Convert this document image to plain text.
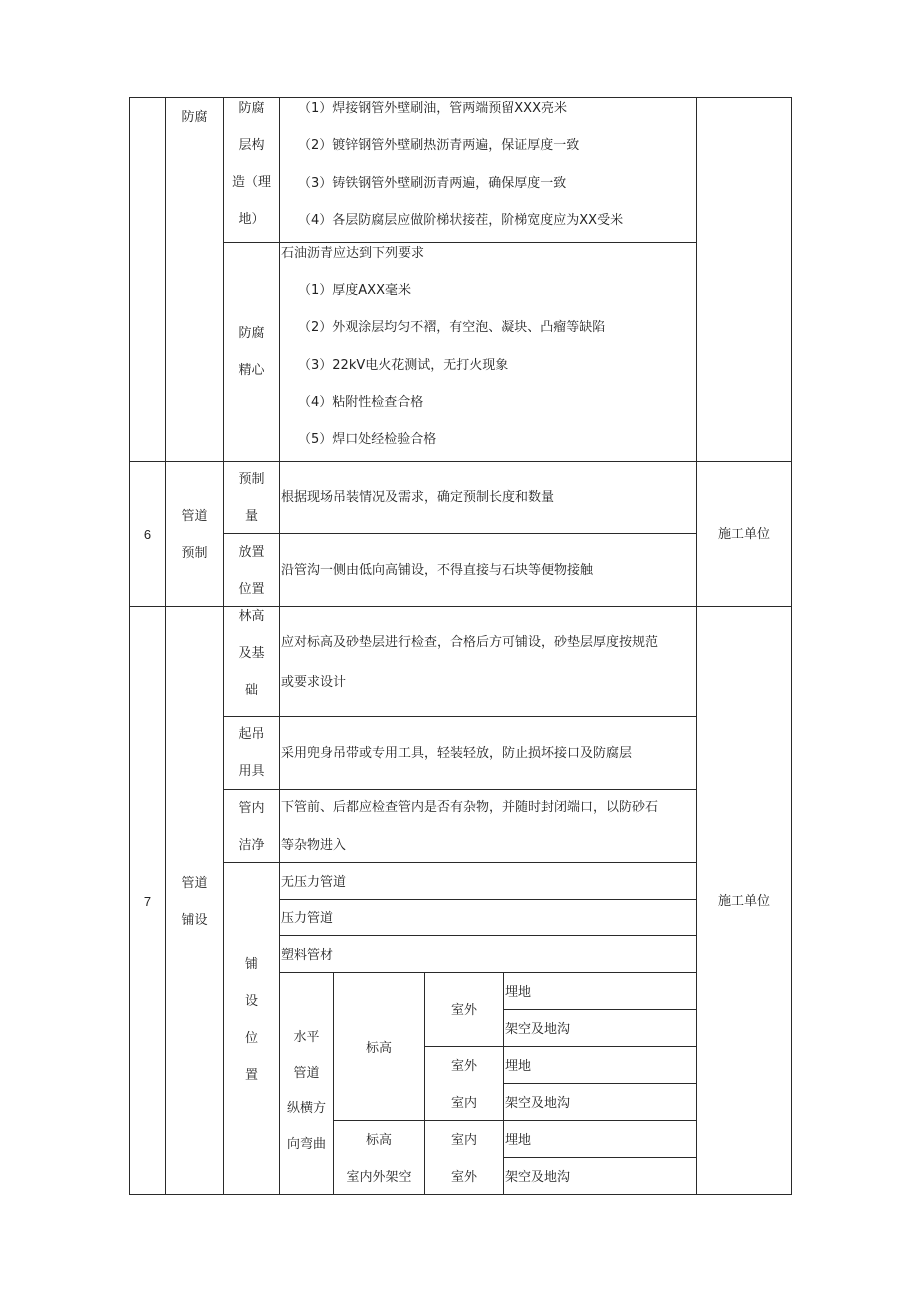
防腐
防腐
层构
造（理
地）
（1）焊接钢管外壁刷油，管两端预留XXX亮米
（2）镀锌钢管外壁刷热沥青两遍，保证厚度一致
（3）铸铁钢管外壁刷沥青两遍，确保厚度一致
（4）各层防腐层应做阶梯状接茬，阶梯宽度应为XX受米
防腐
精心
石油沥青应达到下列要求
（1）厚度AXX毫米
（2）外观涂层均匀不褶，有空泡、凝块、凸瘤等缺陷
（3）22kV电火花测试，无打火现象
（4）粘附性检查合格
（5）焊口处经检验合格
6
管道
预制
预制
量
根据现场吊装情况及需求，确定预制长度和数量
放置
位置
沿管沟一侧由低向高铺设，不得直接与石块等便物接触
施工单位
7
管道
铺设
林高
及基
础
应对标高及砂垫层进行检查，合格后方可铺设，砂垫层厚度按规范
或要求设计
起吊
用具
采用兜身吊带或专用工具，轻装轻放，防止损坏接口及防腐层
管内
洁净
下管前、后都应检查管内是否有杂物，并随时封闭端口，以防砂石
等杂物进入
铺
设
位
置
无压力管道
压力管道
塑料管材
水平
管道
纵横方
向弯曲
标高
标高
室内外架空
室外
室外
室内
室内
室外
埋地
架空及地沟
埋地
架空及地沟
埋地
架空及地沟
施工单位
